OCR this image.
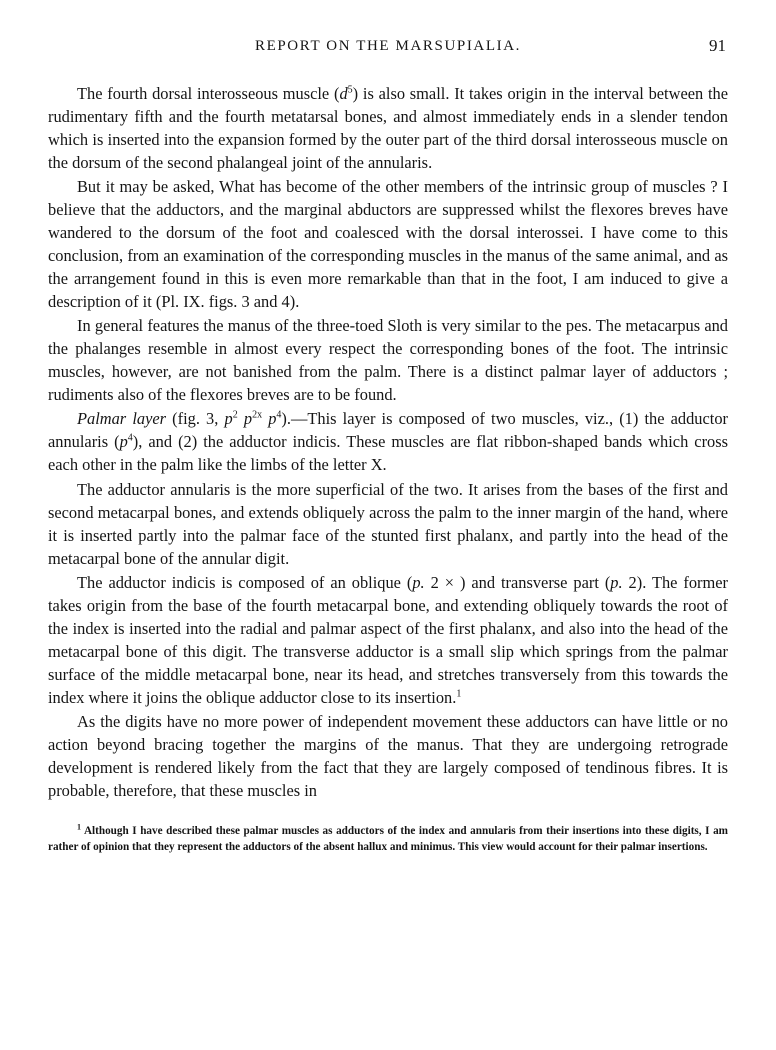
REPORT ON THE MARSUPIALIA.	91

The fourth dorsal interosseous muscle $(d^5)$ is also small. It takes origin in the interval between the rudimentary fifth and the fourth metatarsal bones, and almost immediately ends in a slender tendon which is inserted into the expansion formed by the outer part of the third dorsal interosseous muscle on the dorsum of the second phalangeal joint of the annularis.

But it may be asked, What has become of the other members of the intrinsic group of muscles ? I believe that the adductors, and the marginal abductors are suppressed whilst the flexores breves have wandered to the dorsum of the foot and coalesced with the dorsal interossei. I have come to this conclusion, from an examination of the corresponding muscles in the manus of the same animal, and as the arrangement found in this is even more remarkable than that in the foot, I am induced to give a description of it (Pl. IX. figs. 3 and 4).

In general features the manus of the three-toed Sloth is very similar to the pes. The metacarpus and the phalanges resemble in almost every respect the corresponding bones of the foot. The intrinsic muscles, however, are not banished from the palm. There is a distinct palmar layer of adductors ; rudiments also of the flexores breves are to be found.

Palmar layer (fig. 3, $p^2$ $p^{2x}$ $p^4).—This$ layer is composed of two muscles, viz., (1) the adductor annularis $(p^4)$, and (2) the adductor indicis. These muscles are flat ribbon-shaped bands which cross each other in the palm like the limbs of the letter X.

The adductor annularis is the more superficial of the two. It arises from the bases of the first and second metacarpal bones, and extends obliquely across the palm to the inner margin of the hand, where it is inserted partly into the palmar face of the stunted first phalanx, and partly into the head of the metacarpal bone of the annular digit.

The adductor indicis is composed of an oblique (p. 2 × ) and transverse part (p. 2). The former takes origin from the base of the fourth metacarpal bone, and extending obliquely towards the root of the index is inserted into the radial and palmar aspect of the first phalanx, and also into the head of the metacarpal bone of this digit. The transverse adductor is a small slip which springs from the palmar surface of the middle metacarpal bone, near its head, and stretches transversely from this towards the index where it joins the oblique adductor close to its insertion.$^1$

As the digits have no more power of independent movement these adductors can have little or no action beyond bracing together the margins of the manus. That they are undergoing retrograde development is rendered likely from the fact that they are largely composed of tendinous fibres. It is probable, therefore, that these muscles in

$^1$ Although I have described these palmar muscles as adductors of the index and annularis from their insertions into these digits, I am rather of opinion that they represent the adductors of the absent hallux and minimus. This view would account for their palmar insertions.
